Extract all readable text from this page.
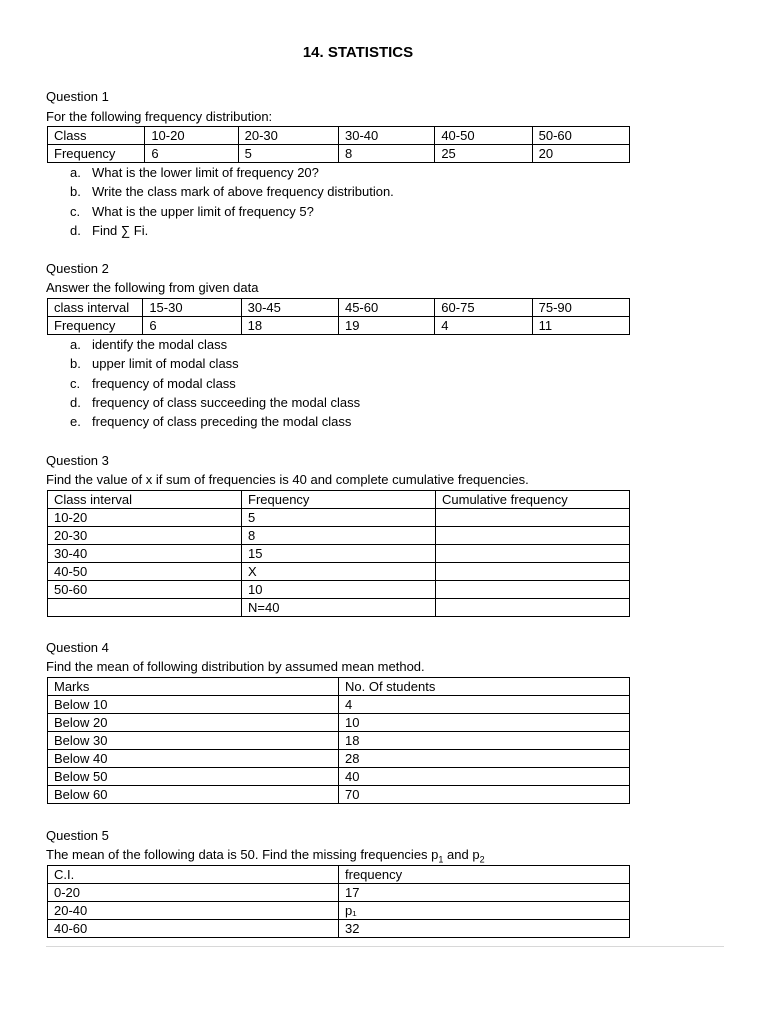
14. STATISTICS
Question 1
For the following frequency distribution:
Class	10-20	20-30	30-40	40-50	50-60
Frequency	6	5	8	25	20
a. What is the lower limit of frequency 20?
b. Write the class mark of above frequency distribution.
c. What is the upper limit of frequency 5?
d. Find ∑ Fi.
Question 2
Answer the following from given data
class interval	15-30	30-45	45-60	60-75	75-90
Frequency	6	18	19	4	11
a. identify the modal class
b. upper limit of modal class
c. frequency of modal class
d. frequency of class succeeding the modal class
e. frequency of class preceding the modal class
Question 3
Find the value of x if sum of frequencies is 40 and complete cumulative frequencies.
Class interval	Frequency	Cumulative frequency
10-20	5	
20-30	8	
30-40	15	
40-50	X	
50-60	10	
	N=40	
Question 4
Find the mean of following distribution by assumed mean method.
Marks	No. Of students
Below 10	4
Below 20	10
Below 30	18
Below 40	28
Below 50	40
Below 60	70
Question 5
The mean of the following data is 50. Find the missing frequencies $p_1$ and $p_2$
C.I.	frequency
0-20	17
20-40	p₁
40-60	32
